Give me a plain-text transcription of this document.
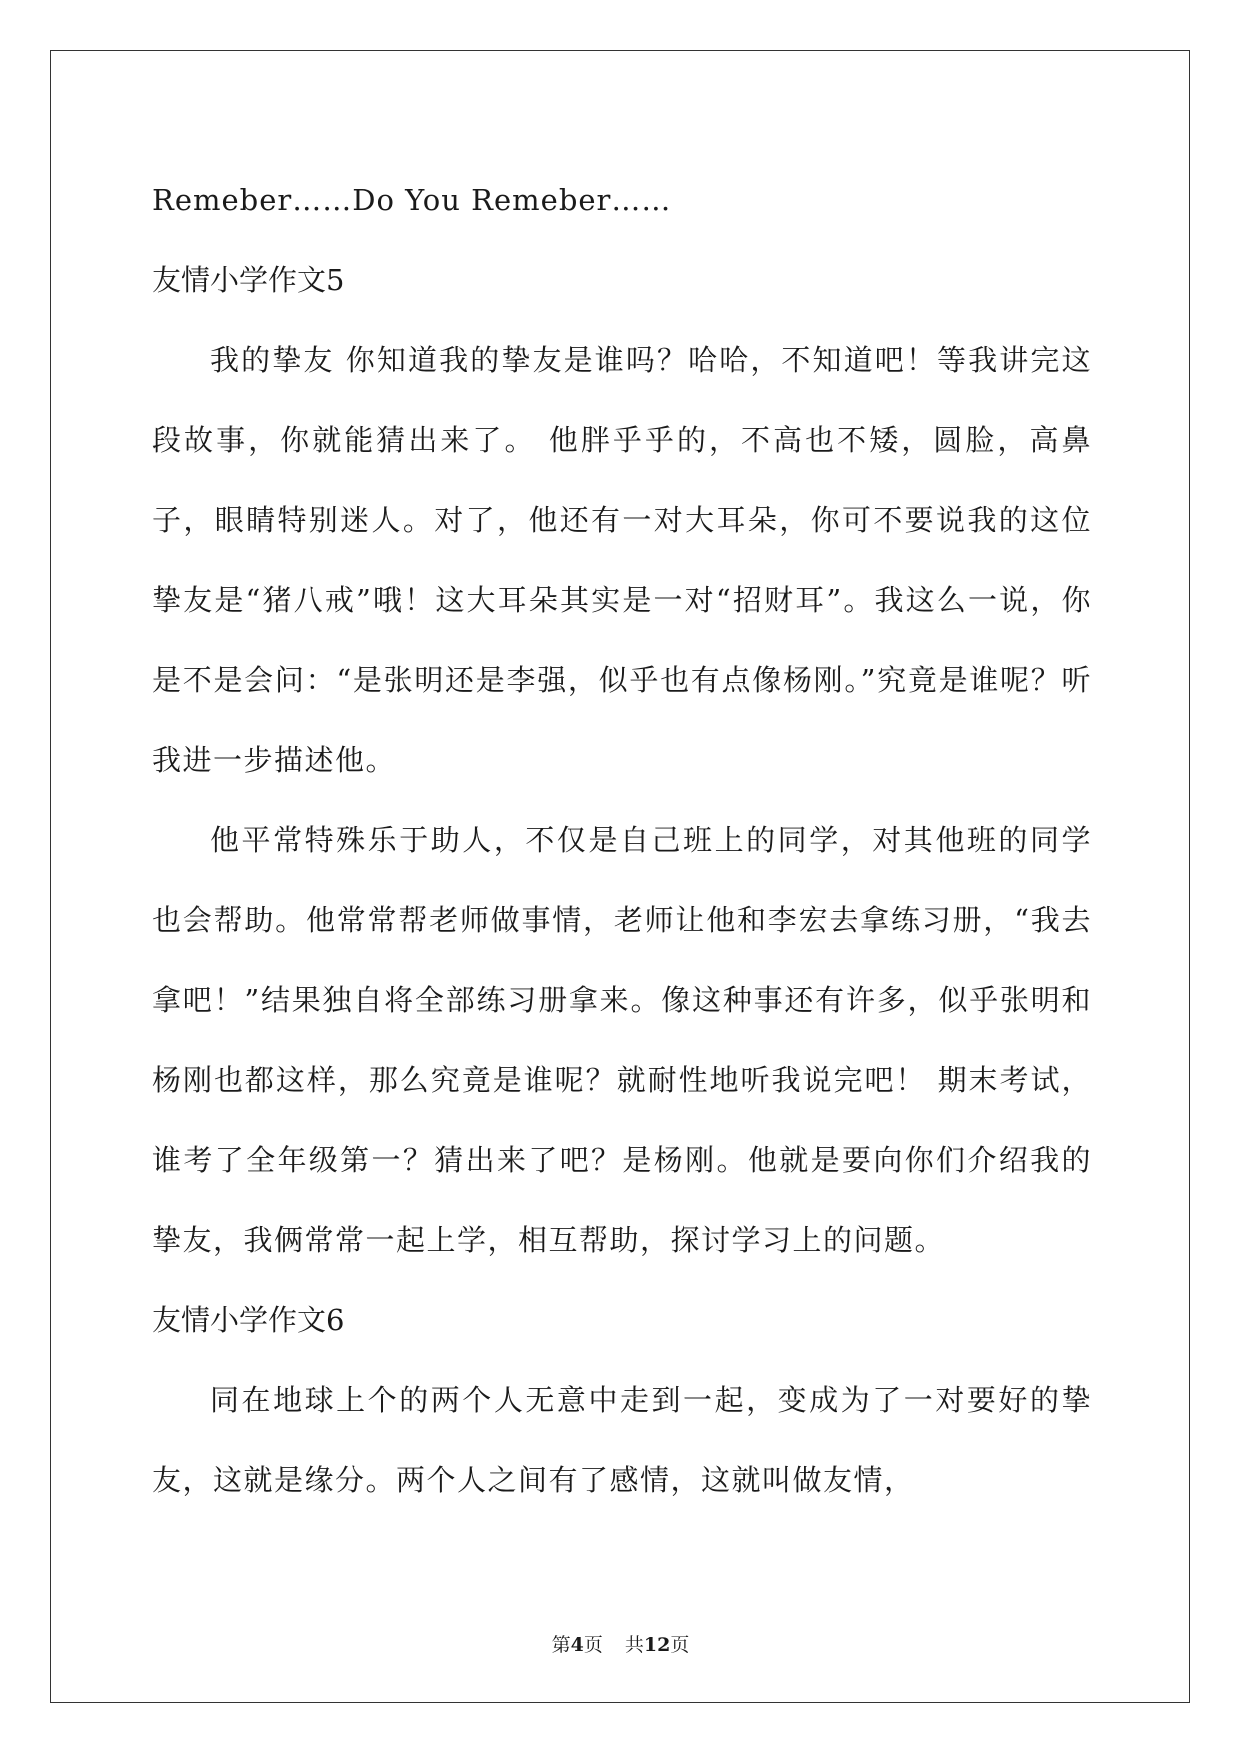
Remeber……Do You Remeber……

友情小学作文5

我的挚友 你知道我的挚友是谁吗？哈哈，不知道吧！等我讲完这段故事，你就能猜出来了。 他胖乎乎的，不高也不矮，圆脸，高鼻子，眼睛特别迷人。对了，他还有一对大耳朵，你可不要说我的这位挚友是“猪八戒”哦！这大耳朵其实是一对“招财耳”。我这么一说，你是不是会问：“是张明还是李强，似乎也有点像杨刚。”究竟是谁呢？听我进一步描述他。

他平常特殊乐于助人，不仅是自己班上的同学，对其他班的同学也会帮助。他常常帮老师做事情，老师让他和李宏去拿练习册，“我去拿吧！”结果独自将全部练习册拿来。像这种事还有许多，似乎张明和杨刚也都这样，那么究竟是谁呢？就耐性地听我说完吧！ 期末考试，谁考了全年级第一？猜出来了吧？是杨刚。他就是要向你们介绍我的挚友，我俩常常一起上学，相互帮助，探讨学习上的问题。

友情小学作文6

同在地球上个的两个人无意中走到一起，变成为了一对要好的挚友，这就是缘分。两个人之间有了感情，这就叫做友情，

第4页 共12页
